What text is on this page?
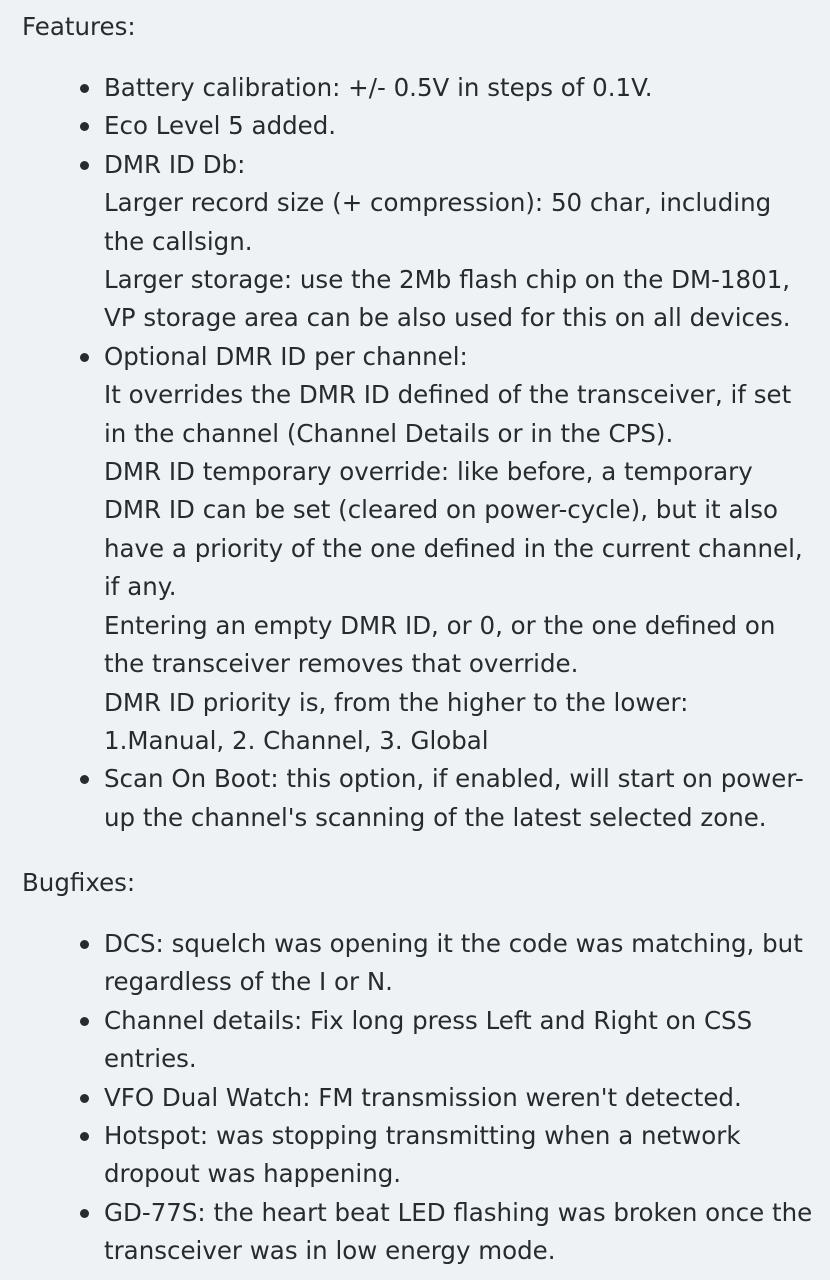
Features:
Battery calibration: +/- 0.5V in steps of 0.1V.
Eco Level 5 added.
DMR ID Db:
Larger record size (+ compression): 50 char, including
the callsign.
Larger storage: use the 2Mb flash chip on the DM-1801,
VP storage area can be also used for this on all devices.
Optional DMR ID per channel:
It overrides the DMR ID defined of the transceiver, if set
in the channel (Channel Details or in the CPS).
DMR ID temporary override: like before, a temporary
DMR ID can be set (cleared on power-cycle), but it also
have a priority of the one defined in the current channel,
if any.
Entering an empty DMR ID, or 0, or the one defined on
the transceiver removes that override.
DMR ID priority is, from the higher to the lower:
1.Manual, 2. Channel, 3. Global
Scan On Boot: this option, if enabled, will start on power-
up the channel's scanning of the latest selected zone.
Bugfixes:
DCS: squelch was opening it the code was matching, but
regardless of the I or N.
Channel details: Fix long press Left and Right on CSS
entries.
VFO Dual Watch: FM transmission weren't detected.
Hotspot: was stopping transmitting when a network
dropout was happening.
GD-77S: the heart beat LED flashing was broken once the
transceiver was in low energy mode.
